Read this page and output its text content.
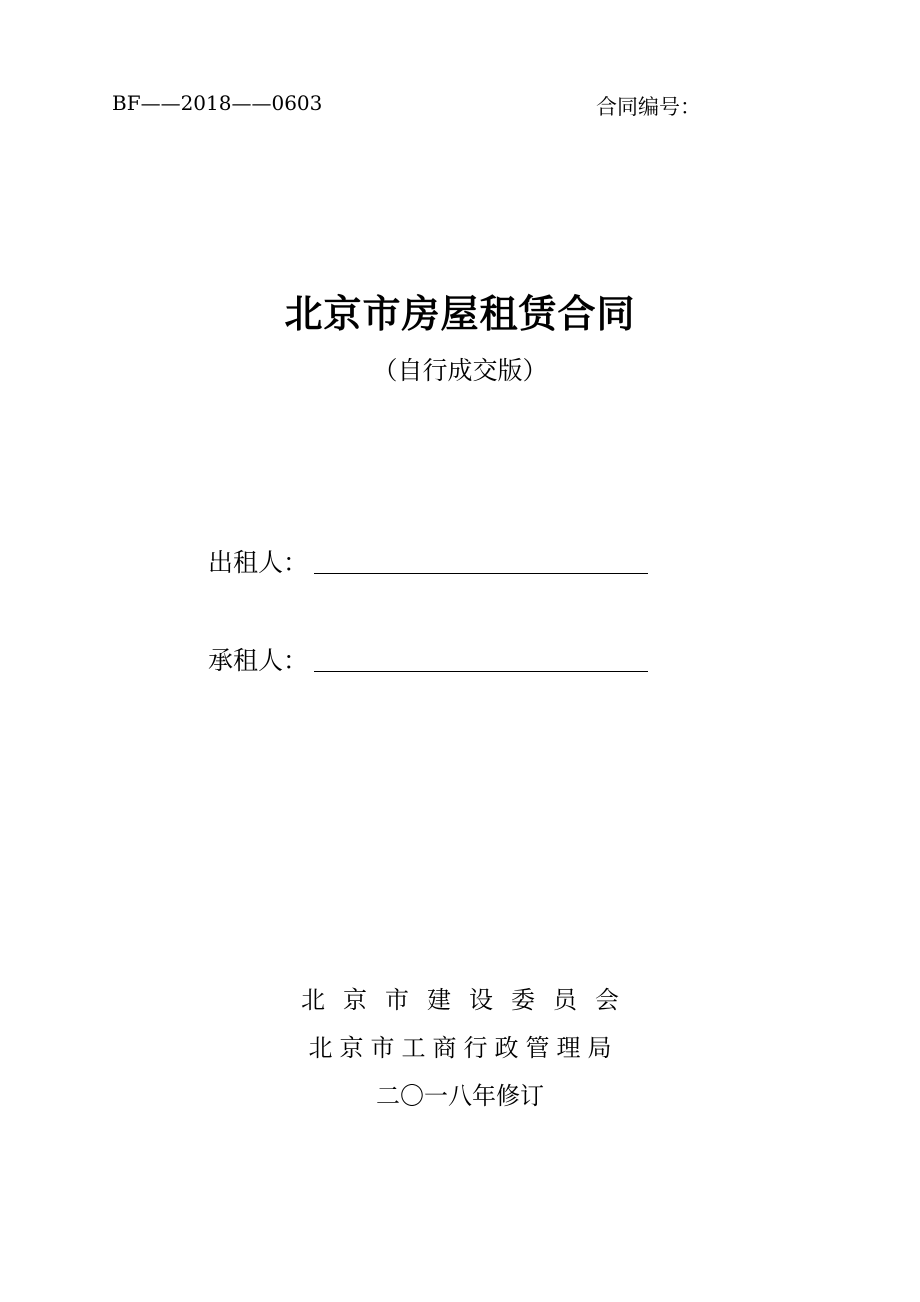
BF——2018——0603	合同编号：
北京市房屋租赁合同
（自行成交版）
出租人：
承租人：
北京市建设委员会
北京市工商行政管理局
二〇一八年修订
